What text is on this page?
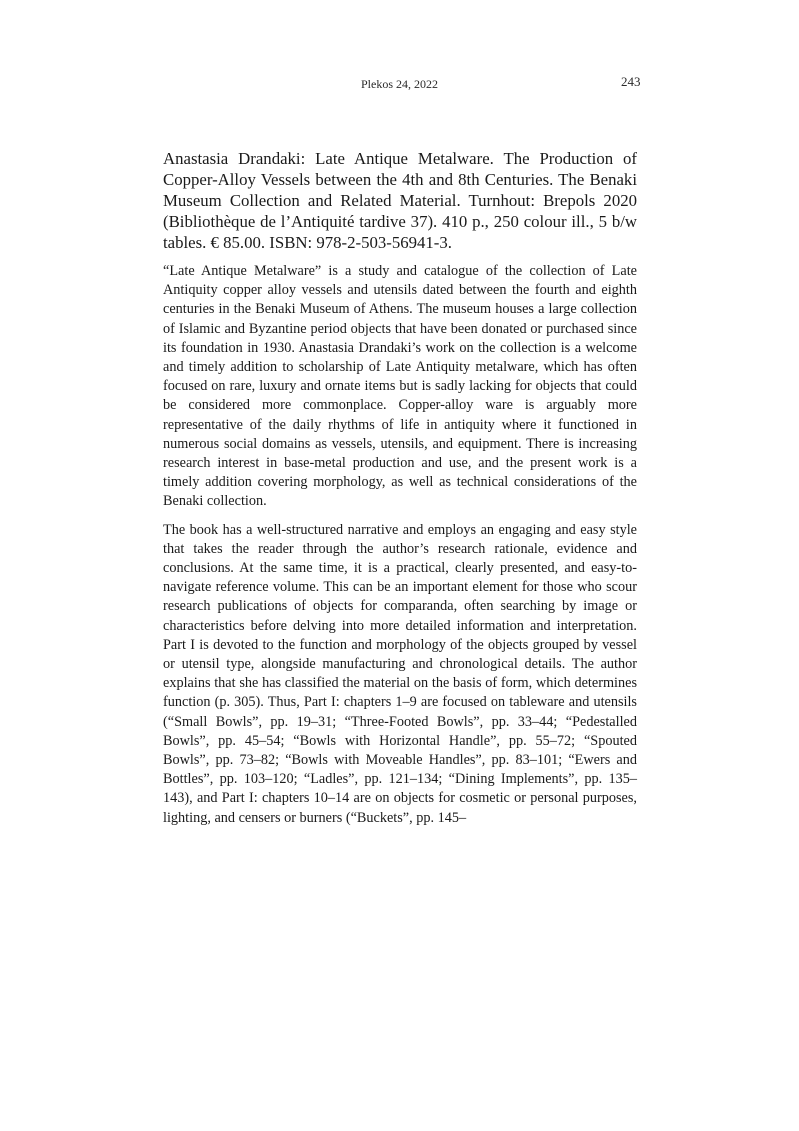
Plekos 24, 2022	243

Anastasia Drandaki: Late Antique Metalware. The Production of Copper-Alloy Vessels between the 4th and 8th Centuries. The Benaki Museum Collection and Related Material. Turnhout: Brepols 2020 (Bibliothèque de l’Antiquité tardive 37). 410 p., 250 colour ill., 5 b/w tables. € 85.00. ISBN: 978-2-503-56941-3.

“Late Antique Metalware” is a study and catalogue of the collection of Late Antiquity copper alloy vessels and utensils dated between the fourth and eighth centuries in the Benaki Museum of Athens. The museum houses a large collection of Islamic and Byzantine period objects that have been donated or purchased since its foundation in 1930. Anastasia Drandaki’s work on the collection is a welcome and timely addition to scholarship of Late Antiquity metalware, which has often focused on rare, luxury and ornate items but is sadly lacking for objects that could be considered more commonplace. Copper-alloy ware is arguably more representative of the daily rhythms of life in antiquity where it functioned in numerous social domains as vessels, utensils, and equipment. There is increasing research interest in base-metal production and use, and the present work is a timely addition covering morphology, as well as technical considerations of the Benaki collection.

The book has a well-structured narrative and employs an engaging and easy style that takes the reader through the author’s research rationale, evidence and conclusions. At the same time, it is a practical, clearly presented, and easy-to-navigate reference volume. This can be an important element for those who scour research publications of objects for comparanda, often searching by image or characteristics before delving into more detailed information and interpretation. Part I is devoted to the function and morphology of the objects grouped by vessel or utensil type, alongside manufacturing and chronological details. The author explains that she has classified the material on the basis of form, which determines function (p. 305). Thus, Part I: chapters 1–9 are focused on tableware and utensils (“Small Bowls”, pp. 19–31; “Three-Footed Bowls”, pp. 33–44; “Pedestalled Bowls”, pp. 45–54; “Bowls with Horizontal Handle”, pp. 55–72; “Spouted Bowls”, pp. 73–82; “Bowls with Moveable Handles”, pp. 83–101; “Ewers and Bottles”, pp. 103–120; “Ladles”, pp. 121–134; “Dining Implements”, pp. 135–143), and Part I: chapters 10–14 are on objects for cosmetic or personal purposes, lighting, and censers or burners (“Buckets”, pp. 145–
